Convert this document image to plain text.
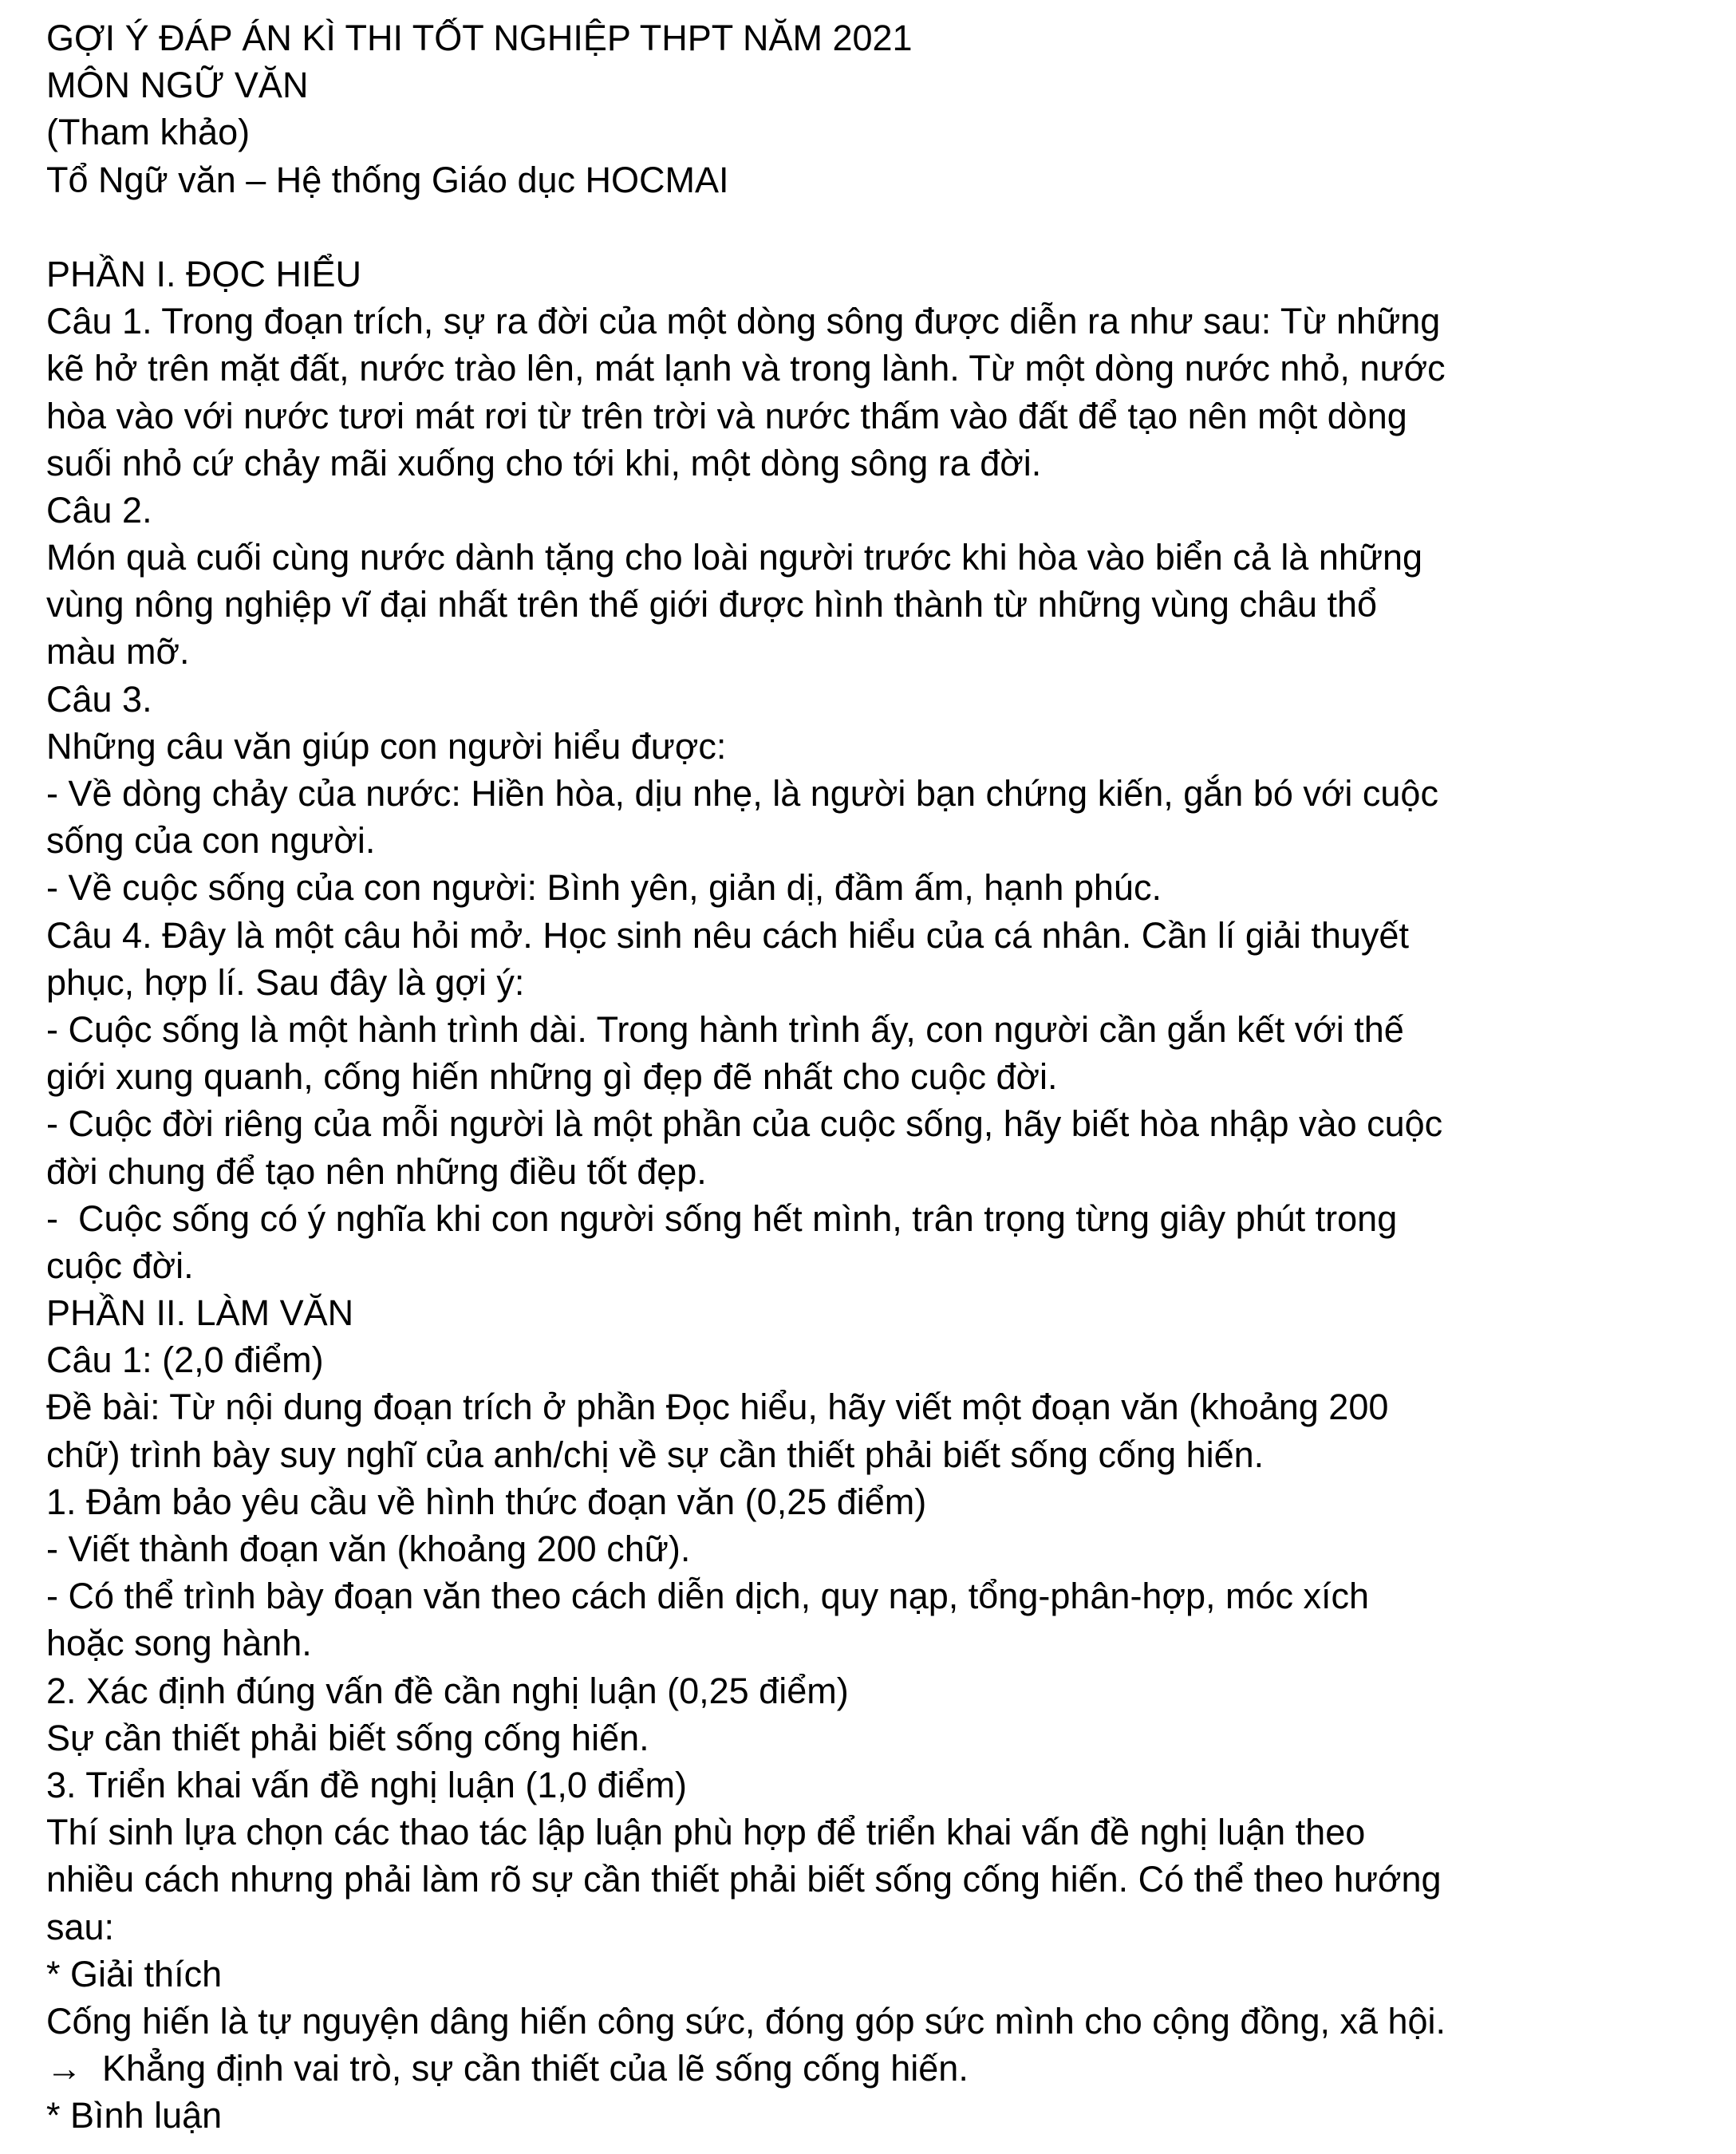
GỢI Ý ĐÁP ÁN KÌ THI TỐT NGHIỆP THPT NĂM 2021
MÔN NGỮ VĂN
(Tham khảo)
Tổ Ngữ văn – Hệ thống Giáo dục HOCMAI
PHẦN I. ĐỌC HIỂU
Câu 1. Trong đoạn trích, sự ra đời của một dòng sông được diễn ra như sau: Từ những
kẽ hở trên mặt đất, nước trào lên, mát lạnh và trong lành. Từ một dòng nước nhỏ, nước
hòa vào với nước tươi mát rơi từ trên trời và nước thấm vào đất để tạo nên một dòng
suối nhỏ cứ chảy mãi xuống cho tới khi, một dòng sông ra đời.
Câu 2.
Món quà cuối cùng nước dành tặng cho loài người trước khi hòa vào biển cả là những
vùng nông nghiệp vĩ đại nhất trên thế giới được hình thành từ những vùng châu thổ
màu mỡ.
Câu 3.
Những câu văn giúp con người hiểu được:
- Về dòng chảy của nước: Hiền hòa, dịu nhẹ, là người bạn chứng kiến, gắn bó với cuộc
sống của con người.
- Về cuộc sống của con người: Bình yên, giản dị, đầm ấm, hạnh phúc.
Câu 4. Đây là một câu hỏi mở. Học sinh nêu cách hiểu của cá nhân. Cần lí giải thuyết
phục, hợp lí. Sau đây là gợi ý:
- Cuộc sống là một hành trình dài. Trong hành trình ấy, con người cần gắn kết với thế
giới xung quanh, cống hiến những gì đẹp đẽ nhất cho cuộc đời.
- Cuộc đời riêng của mỗi người là một phần của cuộc sống, hãy biết hòa nhập vào cuộc
đời chung để tạo nên những điều tốt đẹp.
-  Cuộc sống có ý nghĩa khi con người sống hết mình, trân trọng từng giây phút trong
cuộc đời.
PHẦN II. LÀM VĂN
Câu 1: (2,0 điểm)
Đề bài: Từ nội dung đoạn trích ở phần Đọc hiểu, hãy viết một đoạn văn (khoảng 200
chữ) trình bày suy nghĩ của anh/chị về sự cần thiết phải biết sống cống hiến.
1. Đảm bảo yêu cầu về hình thức đoạn văn (0,25 điểm)
- Viết thành đoạn văn (khoảng 200 chữ).
- Có thể trình bày đoạn văn theo cách diễn dịch, quy nạp, tổng-phân-hợp, móc xích
hoặc song hành.
2. Xác định đúng vấn đề cần nghị luận (0,25 điểm)
Sự cần thiết phải biết sống cống hiến.
3. Triển khai vấn đề nghị luận (1,0 điểm)
Thí sinh lựa chọn các thao tác lập luận phù hợp để triển khai vấn đề nghị luận theo
nhiều cách nhưng phải làm rõ sự cần thiết phải biết sống cống hiến. Có thể theo hướng
sau:
* Giải thích
Cống hiến là tự nguyện dâng hiến công sức, đóng góp sức mình cho cộng đồng, xã hội.
→  Khẳng định vai trò, sự cần thiết của lẽ sống cống hiến.
* Bình luận
